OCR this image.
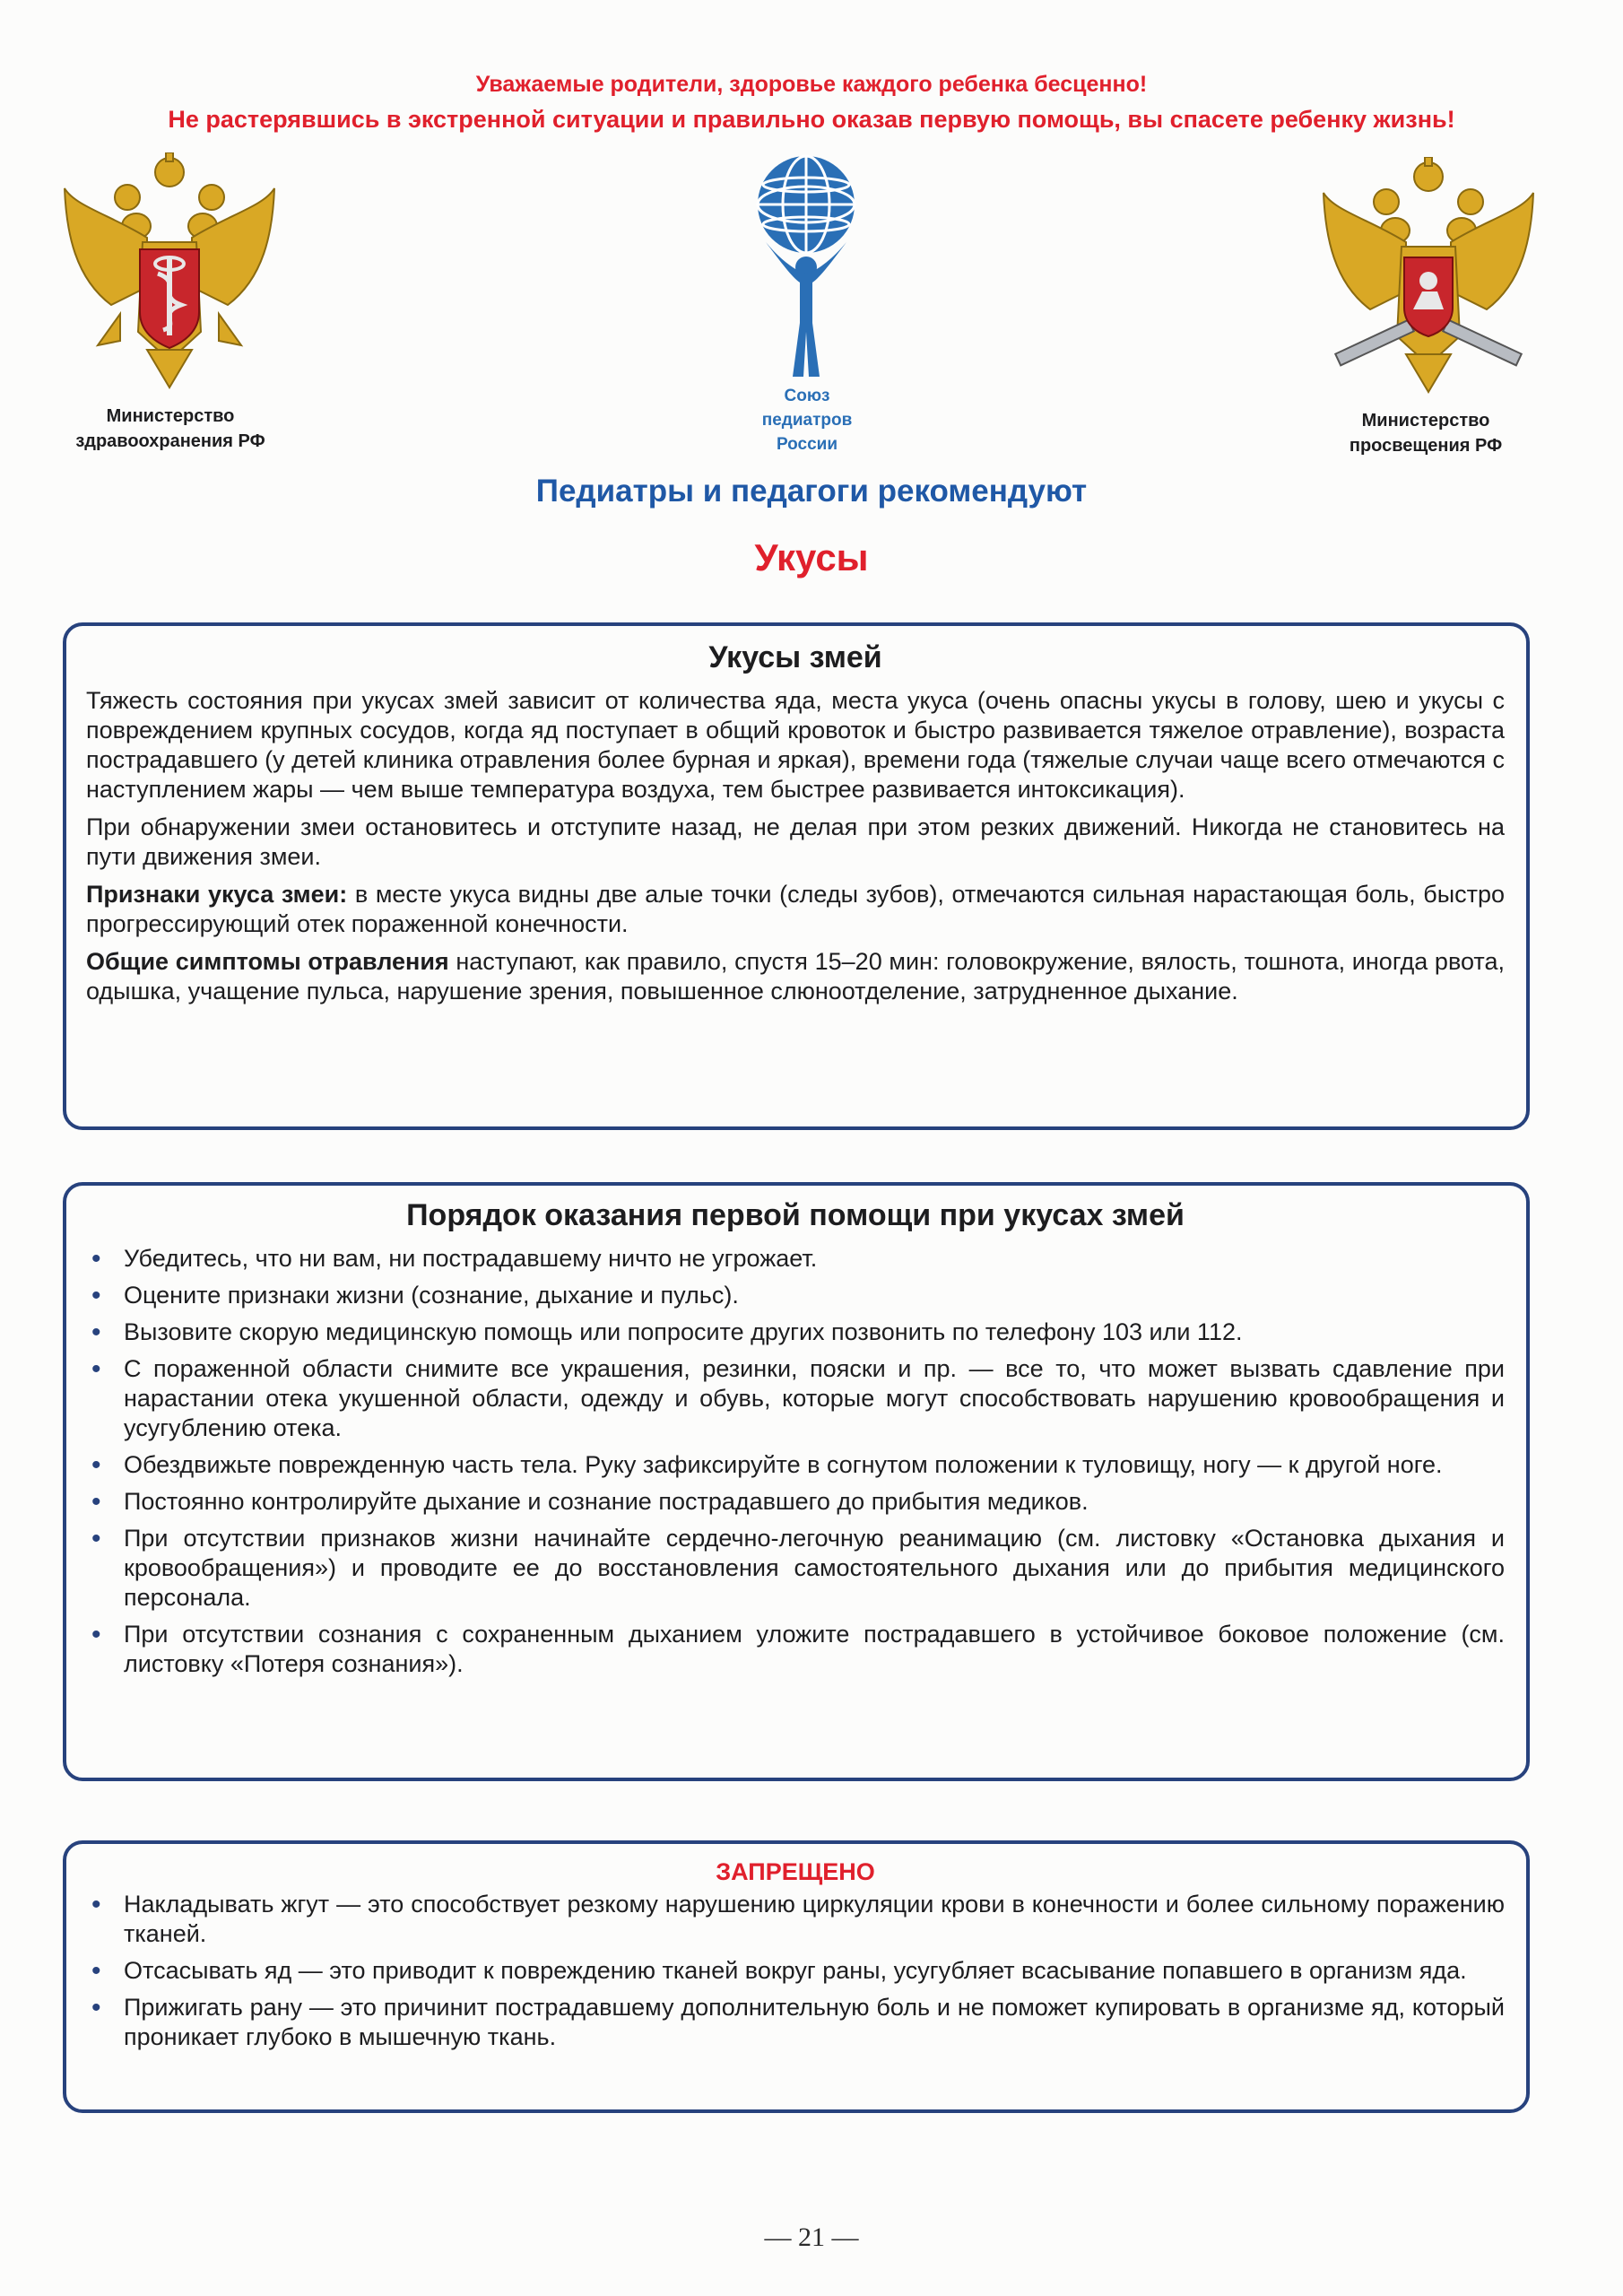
Уважаемые родители, здоровье каждого ребенка бесценно!
Не растерявшись в экстренной ситуации и правильно оказав первую помощь, вы спасете ребенку жизнь!
Министерство
здравоохранения РФ
Союз
педиатров
России
Министерство
просвещения РФ
Педиатры и педагоги рекомендуют
Укусы
Укусы змей

Тяжесть состояния при укусах змей зависит от количества яда, места укуса (очень опасны укусы в голову, шею и укусы с повреждением крупных сосудов, когда яд поступает в общий кровоток и быстро развивается тяжелое отравление), возраста пострадавшего (у детей клиника отравления более бурная и яркая), времени года (тяжелые случаи чаще всего отмечаются с наступлением жары — чем выше температура воздуха, тем быстрее развивается интоксикация).

При обнаружении змеи остановитесь и отступите назад, не делая при этом резких движений. Никогда не становитесь на пути движения змеи.

Признаки укуса змеи: в месте укуса видны две алые точки (следы зубов), отмечаются сильная нарастающая боль, быстро прогрессирующий отек пораженной конечности.

Общие симптомы отравления наступают, как правило, спустя 15–20 мин: головокружение, вялость, тошнота, иногда рвота, одышка, учащение пульса, нарушение зрения, повышенное слюноотделение, затрудненное дыхание.

Порядок оказания первой помощи при укусах змей
• Убедитесь, что ни вам, ни пострадавшему ничто не угрожает.
• Оцените признаки жизни (сознание, дыхание и пульс).
• Вызовите скорую медицинскую помощь или попросите других позвонить по телефону 103 или 112.
• С пораженной области снимите все украшения, резинки, пояски и пр. — все то, что может вызвать сдавление при нарастании отека укушенной области, одежду и обувь, которые могут способствовать нарушению кровообращения и усугублению отека.
• Обездвижьте поврежденную часть тела. Руку зафиксируйте в согнутом положении к туловищу, ногу — к другой ноге.
• Постоянно контролируйте дыхание и сознание пострадавшего до прибытия медиков.
• При отсутствии признаков жизни начинайте сердечно-легочную реанимацию (см. листовку «Остановка дыхания и кровообращения») и проводите ее до восстановления самостоятельного дыхания или до прибытия медицинского персонала.
• При отсутствии сознания с сохраненным дыханием уложите пострадавшего в устойчивое боковое положение (см. листовку «Потеря сознания»).
ЗАПРЕЩЕНО
• Накладывать жгут — это способствует резкому нарушению циркуляции крови в конечности и более сильному поражению тканей.
• Отсасывать яд — это приводит к повреждению тканей вокруг раны, усугубляет всасывание попавшего в организм яда.
• Прижигать рану — это причинит пострадавшему дополнительную боль и не поможет купировать в организме яд, который проникает глубоко в мышечную ткань.
— 21 —
